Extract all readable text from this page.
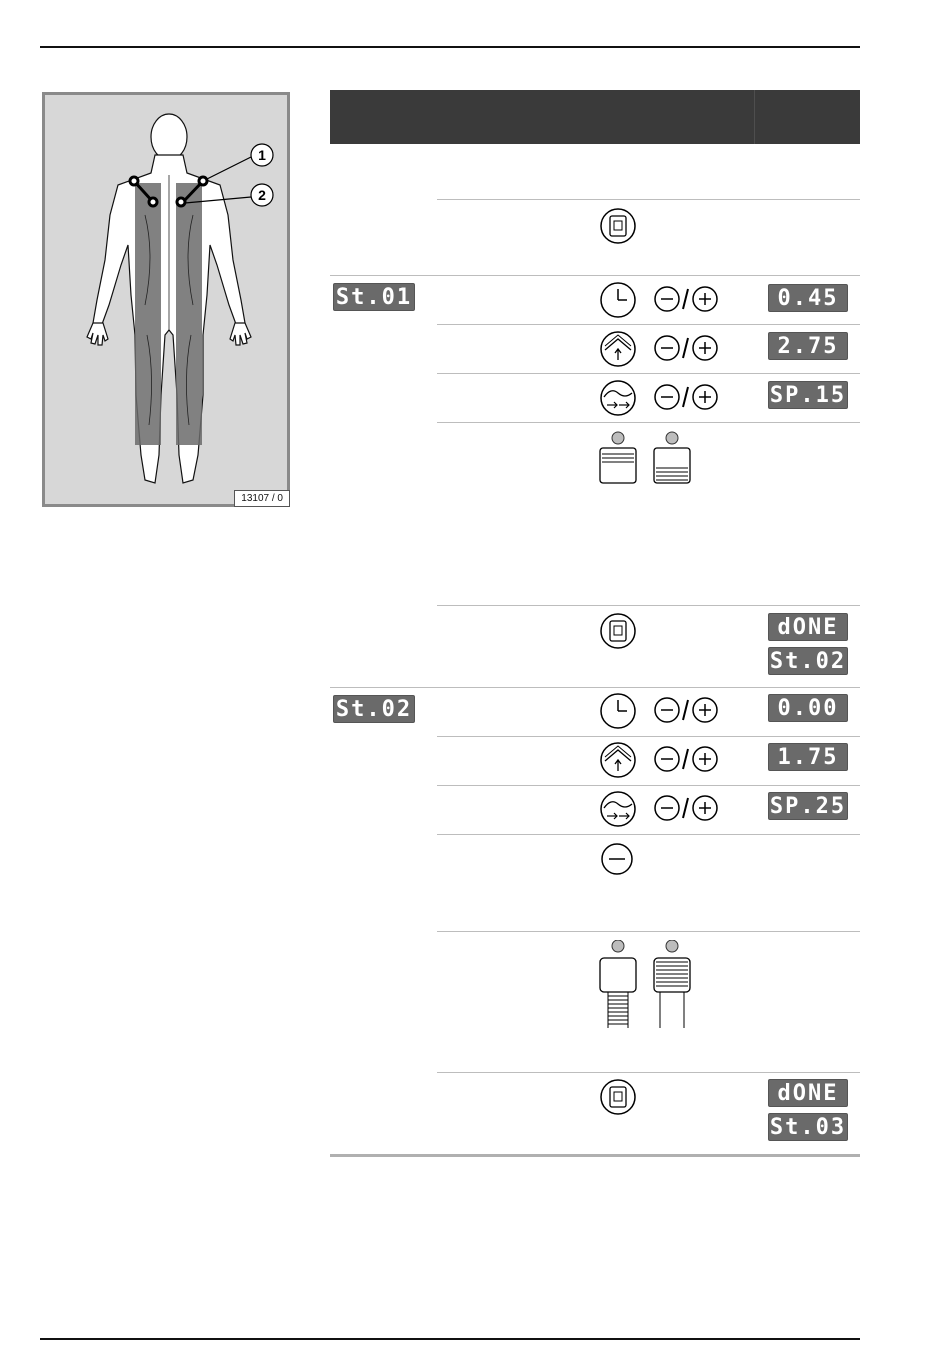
1
2
13107 / 0
St.01
St.02
0.45
2.75
SP.15
dONE
St.02
0.00
1.75
SP.25
dONE
St.03
